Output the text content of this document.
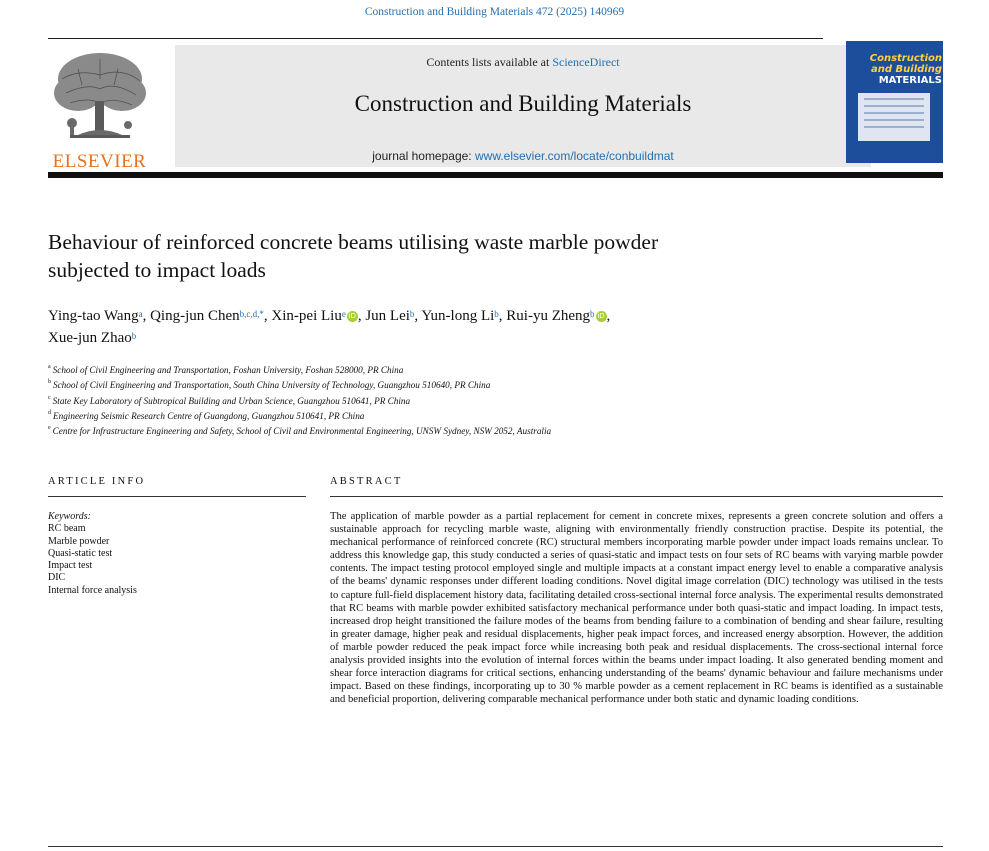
Construction and Building Materials 472 (2025) 140969
ELSEVIER
Contents lists available at ScienceDirect
Construction and Building Materials
journal homepage: www.elsevier.com/locate/conbuildmat
Construction
and Building
MATERIALS
Behaviour of reinforced concrete beams utilising waste marble powder
subjected to impact loads
Ying-tao Wang$^a$, Qing-jun Chen$^{b,c,d,*}$, Xin-pei Liu$^e$ iD , Jun Lei$^b$, Yun-long Li$^b$, Rui-yu Zheng$^b$ iD ,
Xue-jun Zhao$^b$
$^a$ School of Civil Engineering and Transportation, Foshan University, Foshan 528000, PR China
$^b$ School of Civil Engineering and Transportation, South China University of Technology, Guangzhou 510640, PR China
$^c$ State Key Laboratory of Subtropical Building and Urban Science, Guangzhou 510641, PR China
$^d$ Engineering Seismic Research Centre of Guangdong, Guangzhou 510641, PR China
$^e$ Centre for Infrastructure Engineering and Safety, School of Civil and Environmental Engineering, UNSW Sydney, NSW 2052, Australia
ARTICLE INFO	ABSTRACT
Keywords:
RC beam
Marble powder
Quasi-static test
Impact test
DIC
Internal force analysis
The application of marble powder as a partial replacement for cement in concrete mixes, represents a green concrete solution and offers a sustainable approach for recycling marble waste, aligning with environmentally friendly construction practise. Despite its potential, the mechanical performance of reinforced concrete (RC) structural members incorporating marble powder under impact loads remains unclear. To address this knowledge gap, this study conducted a series of quasi-static and impact tests on four sets of RC beams with varying marble powder contents. The impact testing protocol employed single and multiple impacts at a constant impact energy level to enable a comparative analysis of the beams' dynamic responses under different loading conditions. Novel digital image correlation (DIC) technology was utilised in the tests to capture full-field displacement history data, facilitating detailed cross-sectional internal force analysis. The experimental results demonstrated that RC beams with marble powder exhibited satisfactory mechanical performance under both quasi-static and impact loading. In impact tests, increased drop height transitioned the failure modes of the beams from bending failure to a combination of bending and shear failure, resulting in greater damage, higher peak and residual displacements, higher peak impact forces, and increased energy absorption. However, the addition of marble powder reduced the peak impact force while increasing both peak and residual displacements. The cross-sectional internal force analysis provided insights into the evolution of internal forces within the beams under impact loading. It also generated bending moment and shear force interaction diagrams for critical sections, enhancing understanding of the beams' dynamic behaviour and failure mechanisms under impact. Based on these findings, incorporating up to 30 % marble powder as a cement replacement in RC beams is identified as a sustainable and beneficial proportion, delivering comparable mechanical performance under both static and dynamic loading conditions.
